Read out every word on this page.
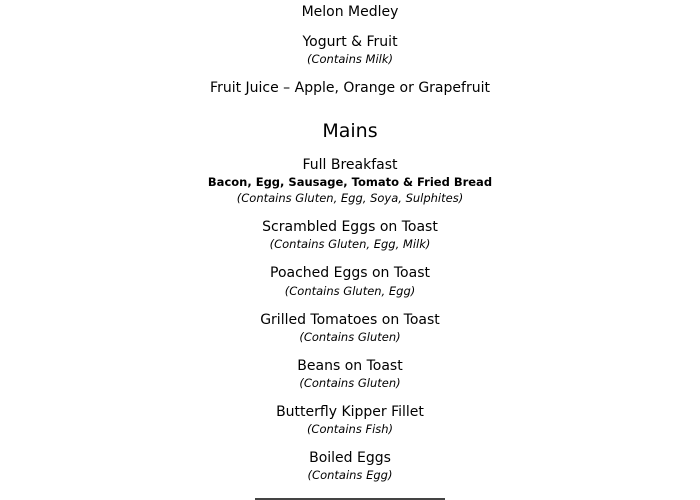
Melon Medley
Yogurt & Fruit
(Contains Milk)
Fruit Juice – Apple, Orange or Grapefruit
Mains
Full Breakfast
Bacon, Egg, Sausage, Tomato & Fried Bread
(Contains Gluten, Egg, Soya, Sulphites)
Scrambled Eggs on Toast
(Contains Gluten, Egg, Milk)
Poached Eggs on Toast
(Contains Gluten, Egg)
Grilled Tomatoes on Toast
(Contains Gluten)
Beans on Toast
(Contains Gluten)
Butterfly Kipper Fillet
(Contains Fish)
Boiled Eggs
(Contains Egg)
